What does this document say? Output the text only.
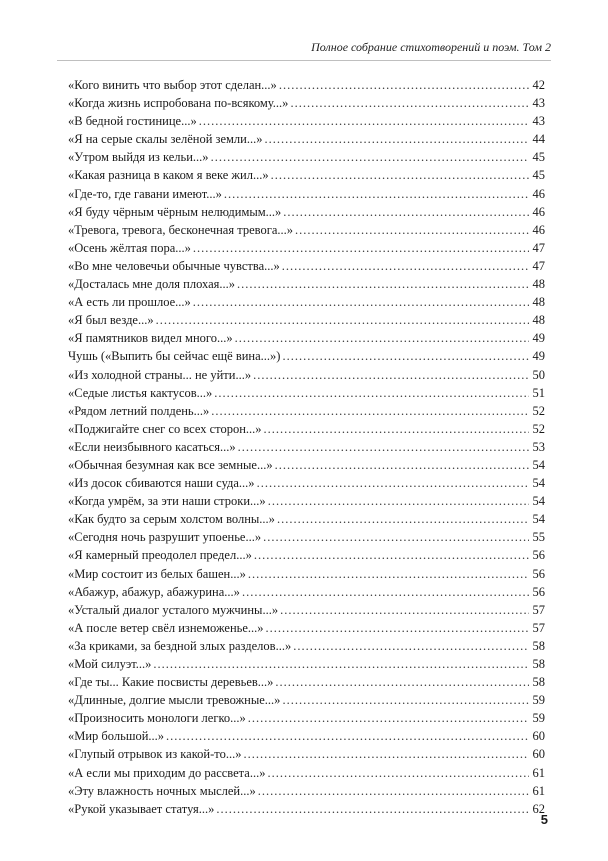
Полное собрание стихотворений и поэм. Том 2
«Кого винить что выбор этот сделан...» .....	42
«Когда жизнь испробована по-всякому...» .....	43
«В бедной гостинице...» .....	43
«Я на серые скалы зелёной земли...» .....	44
«Утром выйдя из кельи...» .....	45
«Какая разница в каком я веке жил...» .....	45
«Где-то, где гавани имеют...» .....	46
«Я буду чёрным чёрным нелюдимым...» .....	46
«Тревога, тревога, бесконечная тревога...» .....	46
«Осень жёлтая пора...» .....	47
«Во мне человечьи обычные чувства...» .....	47
«Досталась мне доля плохая...» .....	48
«А есть ли прошлое...» .....	48
«Я был везде...» .....	48
«Я памятников видел много...» .....	49
Чушь («Выпить бы сейчас ещё вина...») .....	49
«Из холодной страны... не уйти...» .....	50
«Седые листья кактусов...» .....	51
«Рядом летний полдень...» .....	52
«Поджигайте снег со всех сторон...» .....	52
«Если неизбывного касаться...» .....	53
«Обычная безумная как все земные...» .....	54
«Из досок сбиваются наши суда...» .....	54
«Когда умрём, за эти наши строки...» .....	54
«Как будто за серым холстом волны...» .....	54
«Сегодня ночь разрушит упоенье...» .....	55
«Я камерный преодолел предел...» .....	56
«Мир состоит из белых башен...» .....	56
«Абажур, абажур, абажурина...» .....	56
«Усталый диалог усталого мужчины...» .....	57
«А после ветер свёл изнеможенье...» .....	57
«За криками, за бездной злых разделов...» .....	58
«Мой силуэт...» .....	58
«Где ты... Какие посвисты деревьев...» .....	58
«Длинные, долгие мысли тревожные...» .....	59
«Произносить монологи легко...» .....	59
«Мир большой...» .....	60
«Глупый отрывок из какой-то...» .....	60
«А если мы приходим до рассвета...» .....	61
«Эту влажность ночных мыслей...» .....	61
«Рукой указывает статуя...» .....	62
5
